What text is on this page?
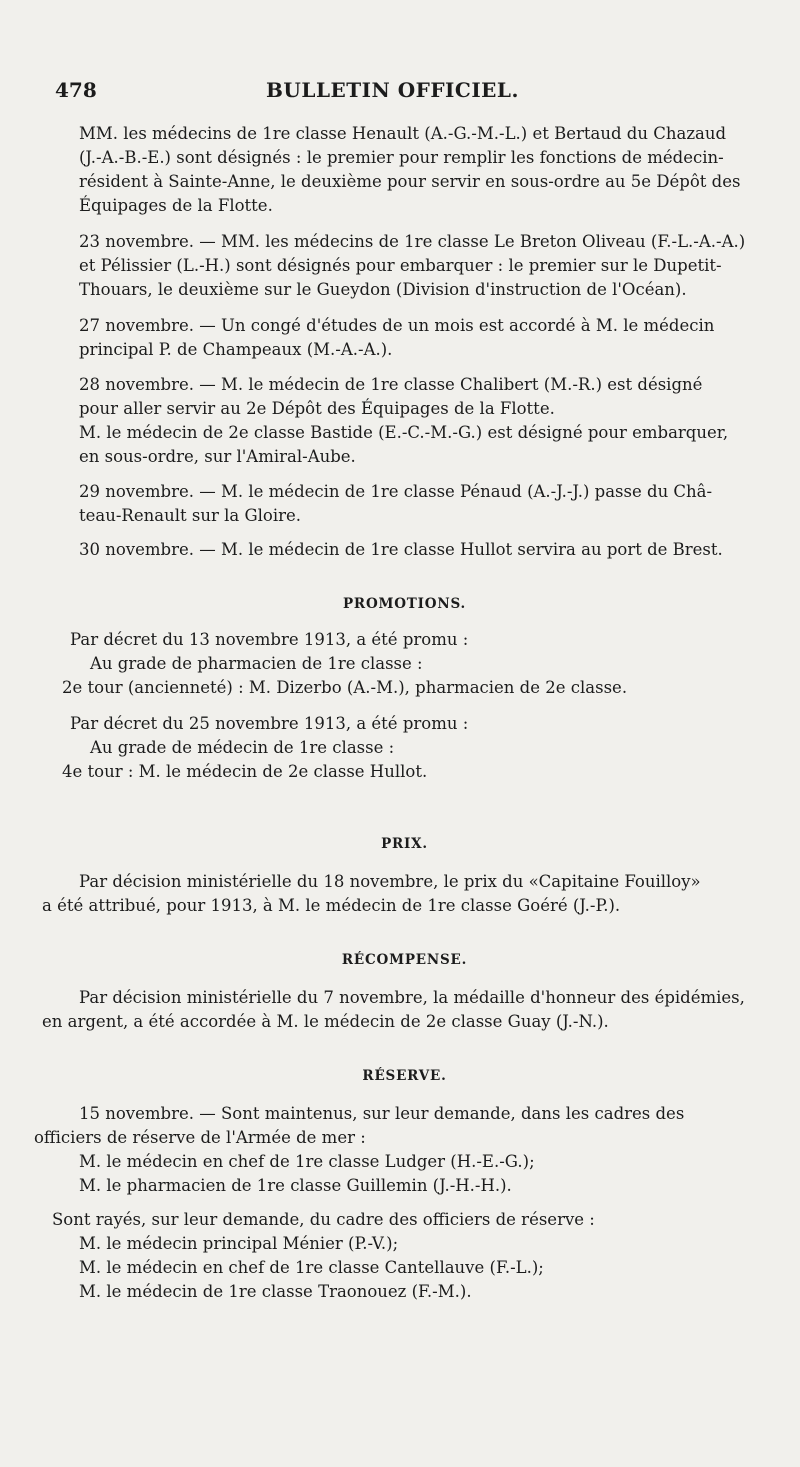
478	BULLETIN OFFICIEL.
MM. les médecins de 1re classe Henault (A.-G.-M.-L.) et Bertaud du Chazaud
(J.-A.-B.-E.) sont désignés : le premier pour remplir les fonctions de médecin-
résident à Sainte-Anne, le deuxième pour servir en sous-ordre au 5e Dépôt des
Équipages de la Flotte.
23 novembre. — MM. les médecins de 1re classe Le Breton Oliveau (F.-L.-A.-A.)
et Pélissier (L.-H.) sont désignés pour embarquer : le premier sur le Dupetit-
Thouars, le deuxième sur le Gueydon (Division d'instruction de l'Océan).
27 novembre. — Un congé d'études de un mois est accordé à M. le médecin
principal P. de Champeaux (M.-A.-A.).
28 novembre. — M. le médecin de 1re classe Chalibert (M.-R.) est désigné
pour aller servir au 2e Dépôt des Équipages de la Flotte.
M. le médecin de 2e classe Bastide (E.-C.-M.-G.) est désigné pour embarquer,
en sous-ordre, sur l'Amiral-Aube.
29 novembre. — M. le médecin de 1re classe Pénaud (A.-J.-J.) passe du Châ-
teau-Renault sur la Gloire.
30 novembre. — M. le médecin de 1re classe Hullot servira au port de Brest.

PROMOTIONS.

Par décret du 13 novembre 1913, a été promu :
Au grade de pharmacien de 1re classe :
2e tour (ancienneté) : M. Dizerbo (A.-M.), pharmacien de 2e classe.
Par décret du 25 novembre 1913, a été promu :
Au grade de médecin de 1re classe :
4e tour : M. le médecin de 2e classe Hullot.

PRIX.

Par décision ministérielle du 18 novembre, le prix du «Capitaine Fouilloy»
a été attribué, pour 1913, à M. le médecin de 1re classe Goéré (J.-P.).

RÉCOMPENSE.

Par décision ministérielle du 7 novembre, la médaille d'honneur des épidémies,
en argent, a été accordée à M. le médecin de 2e classe Guay (J.-N.).

RÉSERVE.

15 novembre. — Sont maintenus, sur leur demande, dans les cadres des
officiers de réserve de l'Armée de mer :
M. le médecin en chef de 1re classe Ludger (H.-E.-G.);
M. le pharmacien de 1re classe Guillemin (J.-H.-H.).
Sont rayés, sur leur demande, du cadre des officiers de réserve :
M. le médecin principal Ménier (P.-V.);
M. le médecin en chef de 1re classe Cantellauve (F.-L.);
M. le médecin de 1re classe Traonouez (F.-M.).
